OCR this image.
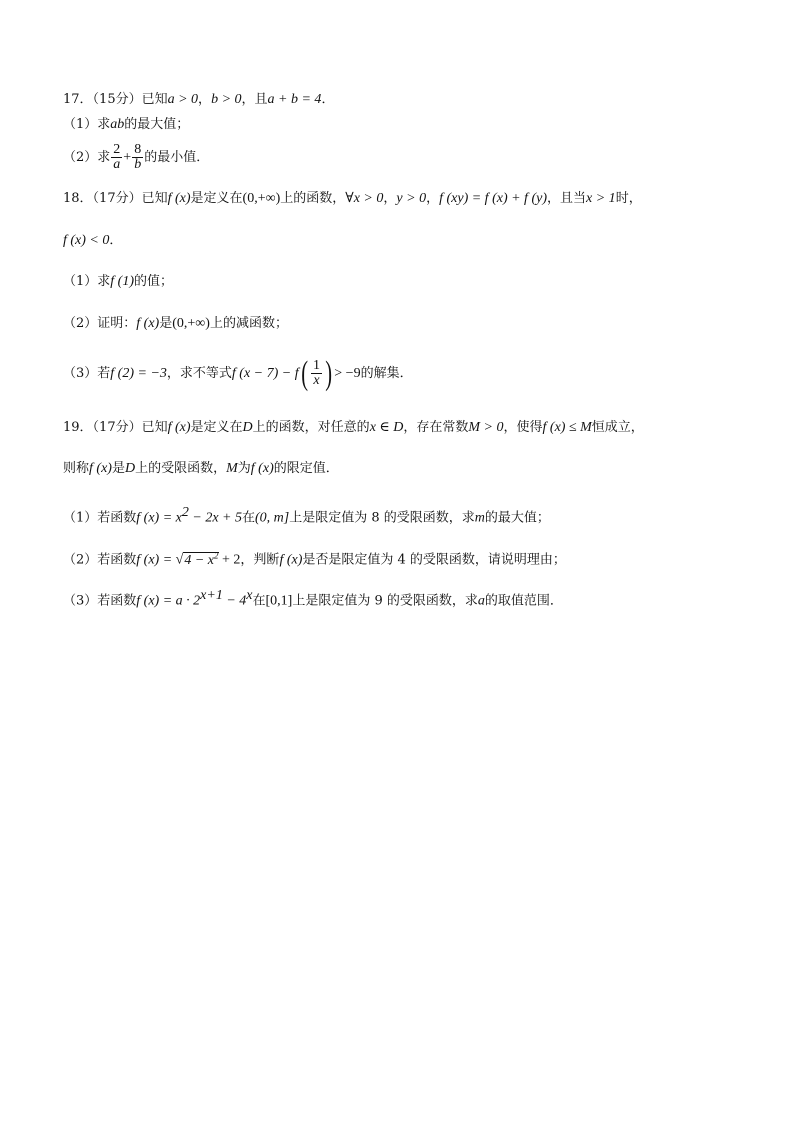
17．（15分）已知a > 0，b > 0，且a + b = 4．
（1）求ab的最大值；
（2）求 $\frac{2}{a} + \frac{8}{b}$ 的最小值．
18．（17分）已知f (x)是定义在(0,+∞)上的函数，∀x > 0，y > 0，f (xy) = f (x) + f (y)，且当x > 1时，
f (x) < 0．
（1）求f (1)的值；
（2）证明：f (x)是(0,+∞)上的减函数；
（3）若f (2) = −3，求不等式f $(x - 7) - f( \frac{1}{x}$ ) > −9的解集．
19．（17分）已知f (x)是定义在D上的函数，对任意的x ∈ D，存在常数M > 0，使得f (x) ≤ M恒成立，
则称f (x)是D上的受限函数，M为f (x)的限定值．
（1）若函数f $(x) = x^2 - 2x + 5$在(0, m]上是限定值为 8 的受限函数，求m的最大值；
（2）若函数f $(x) = √4 - x^2 + 2$，判断f (x)是否是限定值为 4 的受限函数，请说明理由；
（3）若函数f $(x) = a \cdot 2^{x+1} - 4^x$在[0,1]上是限定值为 9 的受限函数，求a的取值范围．
